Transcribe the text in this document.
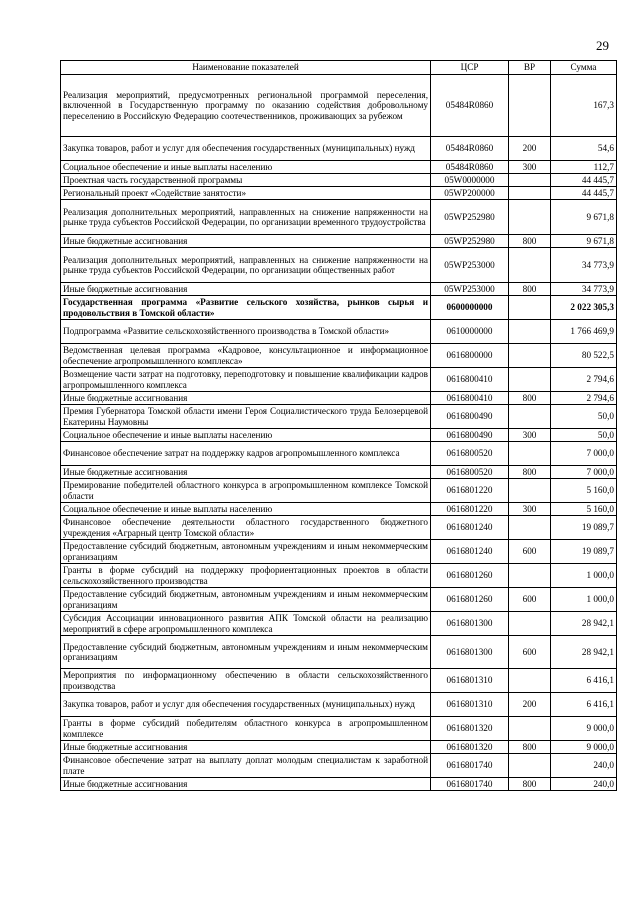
29
Наименование показателей	ЦСР	ВР	Сумма
Реализация мероприятий, предусмотренных региональной программой переселения, включенной в Государственную программу по оказанию содействия добровольному переселению в Российскую Федерацию соотечественников, проживающих за рубежом	05484R0860		167,3
Закупка товаров, работ и услуг для обеспечения государственных (муниципальных) нужд	05484R0860	200	54,6
Социальное обеспечение и иные выплаты населению	05484R0860	300	112,7
Проектная часть государственной программы	05W0000000		44 445,7
Региональный проект «Содействие занятости»	05WP200000		44 445,7
Реализация дополнительных мероприятий, направленных на снижение напряженности на рынке труда субъектов Российской Федерации, по организации временного трудоустройства	05WP252980		9 671,8
Иные бюджетные ассигнования	05WP252980	800	9 671,8
Реализация дополнительных мероприятий, направленных на снижение напряженности на рынке труда субъектов Российской Федерации, по организации общественных работ	05WP253000		34 773,9
Иные бюджетные ассигнования	05WP253000	800	34 773,9
Государственная программа «Развитие сельского хозяйства, рынков сырья и продовольствия в Томской области»	0600000000		2 022 305,3
Подпрограмма «Развитие сельскохозяйственного производства в Томской области»	0610000000		1 766 469,9
Ведомственная целевая программа «Кадровое, консультационное и информационное обеспечение агропромышленного комплекса»	0616800000		80 522,5
Возмещение части затрат на подготовку, переподготовку и повышение квалификации кадров агропромышленного комплекса	0616800410		2 794,6
Иные бюджетные ассигнования	0616800410	800	2 794,6
Премия Губернатора Томской области имени Героя Социалистического труда Белозерцевой Екатерины Наумовны	0616800490		50,0
Социальное обеспечение и иные выплаты населению	0616800490	300	50,0
Финансовое обеспечение затрат на поддержку кадров агропромышленного комплекса	0616800520		7 000,0
Иные бюджетные ассигнования	0616800520	800	7 000,0
Премирование победителей областного конкурса в агропромышленном комплексе Томской области	0616801220		5 160,0
Социальное обеспечение и иные выплаты населению	0616801220	300	5 160,0
Финансовое обеспечение деятельности областного государственного бюджетного учреждения «Аграрный центр Томской области»	0616801240		19 089,7
Предоставление субсидий бюджетным, автономным учреждениям и иным некоммерческим организациям	0616801240	600	19 089,7
Гранты в форме субсидий на поддержку профориентационных проектов в области сельскохозяйственного производства	0616801260		1 000,0
Предоставление субсидий бюджетным, автономным учреждениям и иным некоммерческим организациям	0616801260	600	1 000,0
Субсидия Ассоциации инновационного развития АПК Томской области на реализацию мероприятий в сфере агропромышленного комплекса	0616801300		28 942,1
Предоставление субсидий бюджетным, автономным учреждениям и иным некоммерческим организациям	0616801300	600	28 942,1
Мероприятия по информационному обеспечению в области сельскохозяйственного производства	0616801310		6 416,1
Закупка товаров, работ и услуг для обеспечения государственных (муниципальных) нужд	0616801310	200	6 416,1
Гранты в форме субсидий победителям областного конкурса в агропромышленном комплексе	0616801320		9 000,0
Иные бюджетные ассигнования	0616801320	800	9 000,0
Финансовое обеспечение затрат на выплату доплат молодым специалистам к заработной плате	0616801740		240,0
Иные бюджетные ассигнования	0616801740	800	240,0
